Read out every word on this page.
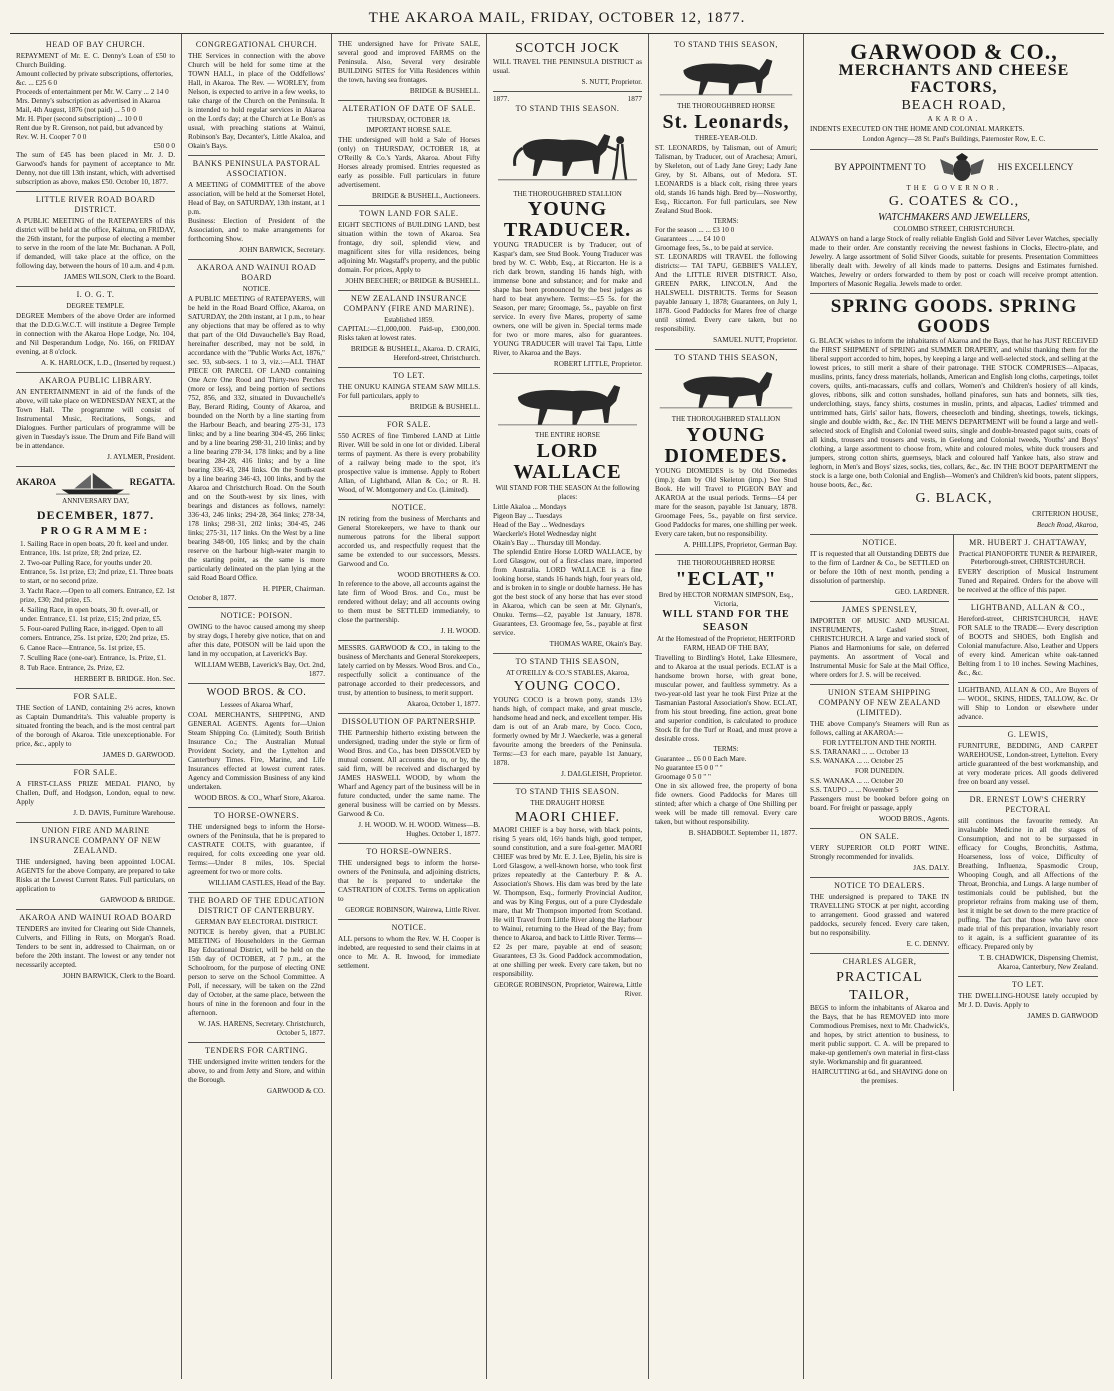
THE AKAROA MAIL, FRIDAY, OCTOBER 12, 1877.
HEAD OF BAY CHURCH.
REPAYMENT of Mr. E. C. Denny's Loan of £50 to Church Building.

Amount collected by private subscriptions, offertories, &c. ... £25 6 0

Proceeds of entertainment per Mr. W. Carry ... 2 14 0

Mrs. Denny's subscription as advertised in Akaroa Mail, 4th August, 1876 (not paid) ... 5 0 0

Mr. H. Piper (second subscription) ... 10 0 0

Rent due by R. Grenson, not paid, but advanced by Rev. W. H. Cooper 7 0 0

£50 0 0

The sum of £45 has been placed in Mr. J. D. Garwood's hands for payment of acceptance to Mr. Denny, not due till 13th instant, which, with advertised subscription as above, makes £50. October 10, 1877.
LITTLE RIVER ROAD BOARD DISTRICT.
A PUBLIC MEETING of the RATEPAYERS of this district will be held at the office, Kaituna, on FRIDAY, the 26th instant, for the purpose of electing a member to serve in the room of the late Mr. Buchanan. A Poll, if demanded, will take place at the office, on the following day, between the hours of 10 a.m. and 4 p.m.
JAMES WILSON, Clerk to the Board.
I. O. G. T.
DEGREE TEMPLE.
DEGREE Members of the above Order are informed that the D.D.G.W.C.T. will institute a Degree Temple in connection with the Akaroa Hope Lodge, No. 104, and Nil Desperandum Lodge, No. 166, on FRIDAY evening, at 8 o'clock.
A. K. HARLOCK, L.D., (Inserted by request.)
AKAROA PUBLIC LIBRARY.
AN ENTERTAINMENT in aid of the funds of the above, will take place on WEDNESDAY NEXT, at the Town Hall. The programme will consist of Instrumental Music, Recitations, Songs, and Dialogues. Further particulars of programme will be given in Tuesday's issue. The Drum and Fife Band will be in attendance.
J. AYLMER, President.
AKAROA	REGATTA.
ANNIVERSARY DAY,
DECEMBER, 1877.
PROGRAMME:

1. Sailing Race in open boats, 20 ft. keel and under. Entrance, 10s. 1st prize, £8; 2nd prize, £2.

2. Two-oar Pulling Race, for youths under 20. Entrance, 5s. 1st prize, £3; 2nd prize, £1. Three boats to start, or no second prize.

3. Yacht Race.—Open to all comers. Entrance, £2. 1st prize, £30; 2nd prize, £5.

4. Sailing Race, in open boats, 30 ft. over-all, or under. Entrance, £1. 1st prize, £15; 2nd prize, £5.

5. Four-oared Pulling Race, in-rigged. Open to all comers. Entrance, 25s. 1st prize, £20; 2nd prize, £5.

6. Canoe Race—Entrance, 5s. 1st prize, £5.

7. Sculling Race (one-oar). Entrance, 1s. Prize, £1.

8. Tub Race. Entrance, 2s. Prize, £2.

HERBERT B. BRIDGE. Hon. Sec.
FOR SALE.
THE Section of LAND, containing 2½ acres, known as Captain Dumandrita's. This valuable property is situated fronting the beach, and is the most central part of the borough of Akaroa. Title unexceptionable. For price, &c., apply to
JAMES D. GARWOOD.
FOR SALE.
A FIRST-CLASS PRIZE MEDAL PIANO, by Challen, Duff, and Hodgson, London, equal to new. Apply
J. D. DAVIS, Furniture Warehouse.
UNION FIRE AND MARINE INSURANCE COMPANY OF NEW ZEALAND.
THE undersigned, having been appointed LOCAL AGENTS for the above Company, are prepared to take Risks at the Lowest Current Rates. Full particulars, on application to
GARWOOD & BRIDGE.
AKAROA AND WAINUI ROAD BOARD
TENDERS are invited for Clearing out Side Channels, Culverts, and Filling in Ruts, on Morgan's Road. Tenders to be sent in, addressed to Chairman, on or before the 20th instant. The lowest or any tender not necessarily accepted.
JOHN BARWICK, Clerk to the Board.
CONGREGATIONAL CHURCH.
THE Services in connection with the above Church will be held for some time at the TOWN HALL, in place of the Oddfellows' Hall, in Akaroa. The Rev. — WORLEY, from Nelson, is expected to arrive in a few weeks, to take charge of the Church on the Peninsula. It is intended to hold regular services in Akaroa on the Lord's day; at the Church at Le Bon's as usual, with preaching stations at Wainui, Robinson's Bay, Decanter's, Little Akaloa, and Okain's Bays.
BANKS PENINSULA PASTORAL ASSOCIATION.
A MEETING of COMMITTEE of the above association, will be held at the Somerset Hotel, Head of Bay, on SATURDAY, 13th instant, at 1 p.m.
Business: Election of President of the Association, and to make arrangements for forthcoming Show.
JOHN BARWICK, Secretary.
AKAROA AND WAINUI ROAD BOARD
NOTICE.
A PUBLIC MEETING of RATEPAYERS, will be held in the Road Board Office, Akaroa, on SATURDAY, the 20th instant, at 1 p.m., to hear any objections that may be offered as to why that part of the Old Duvauchelle's Bay Road, hereinafter described, may not be sold, in accordance with the "Public Works Act, 1876," sec. 93, sub-secs. 1 to 3, viz.:—ALL THAT PIECE OR PARCEL OF LAND containing One Acre One Rood and Thirty-two Perches (more or less), and being portion of sections 752, 856, and 332, situated in Duvauchelle's Bay, Berard Riding, County of Akaroa, and bounded on the North by a line starting from the Harbour Beach, and bearing 275·31, 173 links; and by a line bearing 304·45, 266 links; and by a line bearing 298·31, 210 links; and by a line bearing 278·34, 178 links; and by a line bearing 284·28, 416 links; and by a line bearing 336·43, 284 links. On the South-east by a line bearing 346·43, 100 links, and by the Akaroa and Christchurch Road. On the South and on the South-west by six lines, with bearings and distances as follows, namely: 336·43, 246 links; 294·28, 364 links; 278·34, 178 links; 298·31, 202 links; 304·45, 246 links; 275·31, 117 links. On the West by a line bearing 348·00, 105 links; and by the chain reserve on the harbour high-water margin to the starting point, as the same is more particularly delineated on the plan lying at the said Road Board Office.
H. PIPER, Chairman.
October 8, 1877.
NOTICE: POISON.
OWING to the havoc caused among my sheep by stray dogs, I hereby give notice, that on and after this date, POISON will be laid upon the land in my occupation, at Laverick's Bay.
WILLIAM WEBB, Laverick's Bay, Oct. 2nd, 1877.
WOOD BROS. & CO.
Lessees of Akaroa Wharf,
COAL MERCHANTS, SHIPPING, AND GENERAL AGENTS. Agents for—Union Steam Shipping Co. (Limited); South British Insurance Co.; The Australian Mutual Provident Society, and the Lyttelton and Canterbury Times. Fire, Marine, and Life Insurances effected at lowest current rates. Agency and Commission Business of any kind undertaken.
WOOD BROS. & CO., Wharf Store, Akaroa.
TO HORSE-OWNERS.
THE undersigned begs to inform the Horse-owners of the Peninsula, that he is prepared to CASTRATE COLTS, with guarantee, if required, for colts exceeding one year old. Terms:—Under 8 miles, 10s. Special agreement for two or more colts.
WILLIAM CASTLES, Head of the Bay.
THE BOARD OF THE EDUCATION DISTRICT OF CANTERBURY.
GERMAN BAY ELECTORAL DISTRICT.
NOTICE is hereby given, that a PUBLIC MEETING of Householders in the German Bay Educational District, will be held on the 15th day of OCTOBER, at 7 p.m., at the Schoolroom, for the purpose of electing ONE person to serve on the School Committee. A Poll, if necessary, will be taken on the 22nd day of October, at the same place, between the hours of nine in the forenoon and four in the afternoon.
W. JAS. HARENS, Secretary. Christchurch, October 5, 1877.
TENDERS FOR CARTING.
THE undersigned invite written tenders for the above, to and from Jetty and Store, and within the Borough.
GARWOOD & CO.
THE undersigned have for Private SALE, several good and improved FARMS on the Peninsula. Also, Several very desirable BUILDING SITES for Villa Residences within the town, having sea frontages.
BRIDGE & BUSHELL.
ALTERATION OF DATE OF SALE.
THURSDAY, OCTOBER 18.
IMPORTANT HORSE SALE.
THE undersigned will hold a Sale of Horses (only) on THURSDAY, OCTOBER 18, at O'Reilly & Co.'s Yards, Akaroa. About Fifty Horses already promised. Entries requested as early as possible. Full particulars in future advertisement.
BRIDGE & BUSHELL, Auctioneers.
TOWN LAND FOR SALE.
EIGHT SECTIONS of BUILDING LAND, best situation within the town of Akaroa. Sea frontage, dry soil, splendid view, and magnificent sites for villa residences, being adjoining Mr. Wagstaff's property, and the public domain. For prices, Apply to
JOHN BEECHER; or BRIDGE & BUSHELL.
NEW ZEALAND INSURANCE COMPANY (FIRE AND MARINE).
Established 1859.
CAPITAL:—£1,000,000. Paid-up, £300,000. Risks taken at lowest rates.
BRIDGE & BUSHELL, Akaroa. D. CRAIG, Hereford-street, Christchurch.
TO LET.
THE ONUKU KAINGA STEAM SAW MILLS. For full particulars, apply to
BRIDGE & BUSHELL.
FOR SALE.
550 ACRES of fine Timbered LAND at Little River. Will be sold in one lot or divided. Liberal terms of payment. As there is every probability of a railway being made to the spot, it's prospective value is immense. Apply to Robert Allan, of Lightband, Allan & Co.; or R. H. Wood, of W. Montgomery and Co. (Limited).
NOTICE.
IN retiring from the business of Merchants and General Storekeepers, we have to thank our numerous patrons for the liberal support accorded us, and respectfully request that the same be extended to our successors, Messrs. Garwood and Co.
WOOD BROTHERS & CO.
In reference to the above, all accounts against the late firm of Wood Bros. and Co., must be rendered without delay; and all accounts owing to them must be SETTLED immediately, to close the partnership.
J. H. WOOD.
MESSRS. GARWOOD & CO., in taking to the business of Merchants and General Storekeepers, lately carried on by Messrs. Wood Bros. and Co., respectfully solicit a continuance of the patronage accorded to their predecessors, and trust, by attention to business, to merit support.
Akaroa, October 1, 1877.
DISSOLUTION OF PARTNERSHIP.
THE Partnership hitherto existing between the undersigned, trading under the style or firm of Wood Bros. and Co., has been DISSOLVED by mutual consent. All accounts due to, or by, the said firm, will be received and discharged by JAMES HASWELL WOOD, by whom the Wharf and Agency part of the business will be in future conducted, under the same name. The general business will be carried on by Messrs. Garwood & Co.
J. H. WOOD. W. H. WOOD. Witness—B. Hughes. October 1, 1877.
TO HORSE-OWNERS.
THE undersigned begs to inform the horse-owners of the Peninsula, and adjoining districts, that he is prepared to undertake the CASTRATION of COLTS. Terms on application to
GEORGE ROBINSON, Wairewa, Little River.
NOTICE.
ALL persons to whom the Rev. W. H. Cooper is indebted, are requested to send their claims in at once to Mr. A. R. Inwood, for immediate settlement.
SCOTCH JOCK
WILL TRAVEL THE PENINSULA DISTRICT as usual.
S. NUTT, Proprietor.
1877.	1877
TO STAND THIS SEASON.
THE THOROUGHBRED STALLION
YOUNG TRADUCER.
YOUNG TRADUCER is by Traducer, out of Kaspar's dam, see Stud Book. Young Traducer was bred by W. C. Webb, Esq., at Riccarton. He is a rich dark brown, standing 16 hands high, with immense bone and substance; and for make and shape has been pronounced by the best judges as hard to beat anywhere. Terms:—£5 5s. for the Season, per mare; Groomage, 5s., payable on first service. In every five Mares, property of same owners, one will be given in. Special terms made for two or more mares, also for guarantees. YOUNG TRADUCER will travel Tai Tapu, Little River, to Akaroa and the Bays.
ROBERT LITTLE, Proprietor.
THE ENTIRE HORSE
LORD WALLACE
Will STAND FOR THE SEASON At the following places:

Little Akaloa ... Mondays

Pigeon Bay ... Tuesdays

Head of the Bay ... Wednesdays

Waeckerle's Hotel Wednesday night

Okain's Bay ... Thursday till Monday.

The splendid Entire Horse LORD WALLACE, by Lord Glasgow, out of a first-class mare, imported from Australia. LORD WALLACE is a fine looking horse, stands 16 hands high, four years old, and is broken in to single or double harness. He has got the best stock of any horse that has ever stood in Akaroa, which can be seen at Mr. Glynan's, Onuku. Terms—£2, payable 1st January, 1878. Guarantees, £3. Groomage fee, 5s., payable at first service.
THOMAS WARE, Okain's Bay.
TO STAND THIS SEASON,
AT O'REILLY & CO.'S STABLES, Akaroa,
YOUNG COCO.
YOUNG COCO is a brown pony, stands 13½ hands high, of compact make, and great muscle, handsome head and neck, and excellent temper. His dam is out of an Arab mare, by Coco. Coco, formerly owned by Mr J. Waeckerle, was a general favourite among the breeders of the Peninsula. Terms:—£3 for each mare, payable 1st January, 1878.
J. DALGLEISH, Proprietor.
TO STAND THIS SEASON.
THE DRAUGHT HORSE
MAORI CHIEF.
MAORI CHIEF is a bay horse, with black points, rising 5 years old, 16½ hands high, good temper, sound constitution, and a sure foal-getter. MAORI CHIEF was bred by Mr. E. J. Lee, Bjelin, his sire is Lord Glasgow, a well-known horse, who took first prizes repeatedly at the Canterbury P. & A. Association's Shows. His dam was bred by the late W. Thompson, Esq., formerly Provincial Auditor, and was by King Fergus, out of a pure Clydesdale mare, that Mr Thompson imported from Scotland. He will Travel from Little River along the Harbour to Wainui, returning to the Head of the Bay; from thence to Akaroa, and back to Little River. Terms—£2 2s per mare, payable at end of season; Guarantees, £3 3s. Good Paddock accommodation, at one shilling per week. Every care taken, but no responsibility.
GEORGE ROBINSON, Proprietor, Wairewa, Little River.
TO STAND THIS SEASON,
THE THOROUGHBRED HORSE
St. Leonards,
THREE-YEAR-OLD.
ST. LEONARDS, by Talisman, out of Amuri; Talisman, by Traducer, out of Arachesa; Amuri, by Skeleton, out of Lady Jane Grey; Lady Jane Grey, by St. Albans, out of Medora. ST. LEONARDS is a black colt, rising three years old, stands 16 hands high. Bred by—Nosworthy, Esq., Riccarton. For full particulars, see New Zealand Stud Book.
TERMS:

For the season ... ... £3 10 0

Guarantees ... ... £4 10 0

Groomage fees, 5s., to be paid at service.

ST. LEONARDS will TRAVEL the following districts:— TAI TAPU, GEBBIE'S VALLEY, And the LITTLE RIVER DISTRICT. Also, GREEN PARK, LINCOLN, And the HALSWELL DISTRICTS. Terms for Season payable January 1, 1878; Guarantees, on July 1, 1878. Good Paddocks for Mares free of charge until stinted. Every care taken, but no responsibility.
SAMUEL NUTT, Proprietor.
TO STAND THIS SEASON,
THE THOROUGHBRED STALLION
YOUNG DIOMEDES.
YOUNG DIOMEDES is by Old Diomedes (imp.); dam by Old Skeleton (imp.) See Stud Book. He will Travel to PIGEON BAY and AKAROA at the usual periods. Terms—£4 per mare for the season, payable 1st January, 1878. Groomage Fees, 5s., payable on first service. Good Paddocks for mares, one shilling per week. Every care taken, but no responsibility.
A. PHILLIPS, Proprietor, German Bay.
THE THOROUGHBRED HORSE
"ECLAT,"
Bred by HECTOR NORMAN SIMPSON, Esq., Victoria,
WILL STAND FOR THE SEASON
At the Homestead of the Proprietor, HERTFORD FARM, HEAD OF THE BAY,
Travelling to Birdling's Hotel, Lake Ellesmere, and to Akaroa at the usual periods. ECLAT is a handsome brown horse, with great bone, muscular power, and faultless symmetry. As a two-year-old last year he took First Prize at the Tasmanian Pastoral Association's Show. ECLAT, from his stout breeding, fine action, great bone and superior condition, is calculated to produce Stock fit for the Turf or Road, and must prove a desirable cross.
TERMS:

Guarantee ... £6 0 0 Each Mare.

No guarantee £5 0 0 " "

Groomage 0 5 0 " "

One in six allowed free, the property of bona fide owners. Good Paddocks for Mares till stinted; after which a charge of One Shilling per week will be made till removal. Every care taken, but without responsibility.
B. SHADBOLT. September 11, 1877.
GARWOOD & CO.,
MERCHANTS AND CHEESE FACTORS,
BEACH ROAD,
AKAROA.
INDENTS EXECUTED ON THE HOME AND COLONIAL MARKETS.
London Agency—28 St. Paul's Buildings, Paternoster Row, E. C.
BY APPOINTMENT TO	HIS EXCELLENCY
THE GOVERNOR.
G. COATES & CO.,
WATCHMAKERS AND JEWELLERS,
COLOMBO STREET, CHRISTCHURCH.
ALWAYS on hand a large Stock of really reliable English Gold and Silver Lever Watches, specially made to their order. Are constantly receiving the newest fashions in Clocks, Electro-plate, and Jewelry. A large assortment of Solid Silver Goods, suitable for presents. Presentation Committees liberally dealt with. Jewelry of all kinds made to patterns. Designs and Estimates furnished. Watches, Jewelry or orders forwarded to them by post or coach will receive prompt attention. Importers of Masonic Regalia. Jewels made to order.
SPRING GOODS. SPRING GOODS
G. BLACK wishes to inform the inhabitants of Akaroa and the Bays, that he has JUST RECEIVED the FIRST SHIPMENT of SPRING and SUMMER DRAPERY, and whilst thanking them for the liberal support accorded to him, hopes, by keeping a large and well-selected stock, and selling at the lowest prices, to still merit a share of their patronage. THE STOCK COMPRISES—Alpacas, muslins, prints, fancy dress materials, hollands, American and English long cloths, carpetings, toilet covers, quilts, anti-macassars, cuffs and collars, Women's and Children's hosiery of all kinds, gloves, ribbons, silk and cotton sunshades, holland pinafores, sun hats and bonnets, silk ties, underclothing, stays, fancy shirts, costumes in muslin, prints, and alpacas, Ladies' trimmed and untrimmed hats, Girls' sailor hats, flowers, cheesecloth and binding, sheetings, towels, tickings, single and double width, &c., &c. IN THE MEN'S DEPARTMENT will be found a large and well-selected stock of English and Colonial tweed suits, single and double-breasted pagot suits, coats of all kinds, trousers and trousers and vests, in Geelong and Colonial tweeds, Youths' and Boys' clothing, a large assortment to choose from, white and coloured moles, white duck trousers and jumpers, strong cotton shirts, guernseys, black and coloured half Yankee hats, also straw and leghorn, in Men's and Boys' sizes, socks, ties, collars, &c., &c. IN THE BOOT DEPARTMENT the stock is a large one, both Colonial and English—Women's and Children's kid boots, patent slippers, house boots, &c., &c.
G. BLACK,
CRITERION HOUSE,
Beach Road, Akaroa,
NOTICE.
IT is requested that all Outstanding DEBTS due to the firm of Lardner & Co., be SETTLED on or before the 10th of next month, pending a dissolution of partnership.
GEO. LARDNER.
JAMES SPENSLEY,
IMPORTER OF MUSIC AND MUSICAL INSTRUMENTS, Cashel Street, CHRISTCHURCH. A large and varied stock of Pianos and Harmoniums for sale, on deferred payments. An assortment of Vocal and Instrumental Music for Sale at the Mail Office, where orders for J. S. will be received.
UNION STEAM SHIPPING COMPANY OF NEW ZEALAND (LIMITED).
THE above Company's Steamers will Run as follows, calling at AKAROA:—
FOR LYTTELTON AND THE NORTH.

S.S. TARANAKI ... ... October 13

S.S. WANAKA ... ... October 25

FOR DUNEDIN.

S.S. WANAKA ... ... October 20

S.S. TAUPO ... ... November 5

Passengers must be booked before going on board. For freight or passage, apply
WOOD BROS., Agents.
ON SALE.
VERY SUPERIOR OLD PORT WINE. Strongly recommended for invalids.
JAS. DALY.
NOTICE TO DEALERS.
THE undersigned is prepared to TAKE IN TRAVELLING STOCK at per night, according to arrangement. Good grassed and watered paddocks, securely fenced. Every care taken, but no responsibility.
E. C. DENNY.
CHARLES ALGER,
PRACTICAL TAILOR,
BEGS to inform the inhabitants of Akaroa and the Bays, that he has REMOVED into more Commodious Premises, next to Mr. Chadwick's, and hopes, by strict attention to business, to merit public support. C. A. will be prepared to make-up gentlemen's own material in first-class style. Workmanship and fit guaranteed.
HAIRCUTTING at 6d., and SHAVING done on the premises.
MR. HUBERT J. CHATTAWAY,
Practical PIANOFORTE TUNER & REPAIRER, Peterborough-street, CHRISTCHURCH.
EVERY description of Musical Instrument Tuned and Repaired. Orders for the above will be received at the office of this paper.
LIGHTBAND, ALLAN & CO.,
Hereford-street, CHRISTCHURCH, HAVE FOR SALE to the TRADE— Every description of BOOTS and SHOES, both English and Colonial manufacture. Also, Leather and Uppers of every kind. American white oak-tanned Belting from 1 to 10 inches. Sewing Machines, &c., &c.
LIGHTBAND, ALLAN & CO., Are Buyers of— WOOL, SKINS, HIDES, TALLOW, &c. Or will Ship to London or elsewhere under advance.
G. LEWIS,
FURNITURE, BEDDING, AND CARPET WAREHOUSE, London-street, Lyttelton. Every article guaranteed of the best workmanship, and at very moderate prices. All goods delivered free on board any vessel.
DR. ERNEST LOW'S CHERRY PECTORAL
still continues the favourite remedy. An invaluable Medicine in all the stages of Consumption, and not to be surpassed in efficacy for Coughs, Bronchitis, Asthma, Hoarseness, loss of voice, Difficulty of Breathing, Influenza, Spasmodic Croup, Whooping Cough, and all Affections of the Throat, Bronchia, and Lungs. A large number of testimonials could be published, but the proprietor refrains from making use of them, lest it might be set down to the mere practice of puffing. The fact that those who have once made trial of this preparation, invariably resort to it again, is a sufficient guarantee of its efficacy. Prepared only by
T. B. CHADWICK, Dispensing Chemist, Akaroa, Canterbury, New Zealand.
TO LET.
THE DWELLING-HOUSE lately occupied by Mr J. D. Davis. Apply to
JAMES D. GARWOOD
